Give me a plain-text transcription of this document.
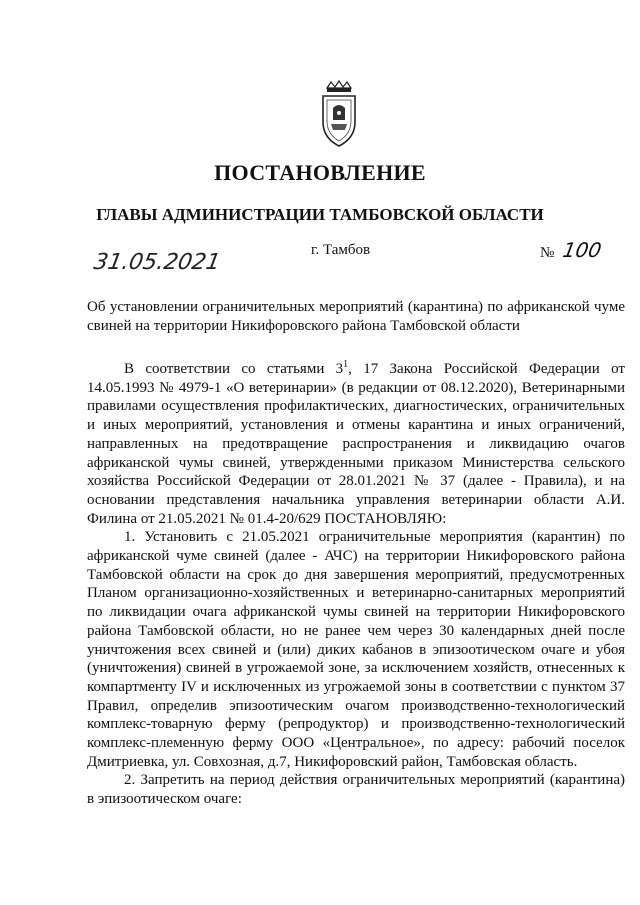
ПОСТАНОВЛЕНИЕ
ГЛАВЫ АДМИНИСТРАЦИИ ТАМБОВСКОЙ ОБЛАСТИ
31.05.2021	г. Тамбов	№ 100
Об установлении ограничительных мероприятий (карантина) по африканской чуме свиней на территории Никифоровского района Тамбовской области

В соответствии со статьями $3^1$, 17 Закона Российской Федерации от 14.05.1993 № 4979-1 «О ветеринарии» (в редакции от 08.12.2020), Ветеринарными правилами осуществления профилактических, диагностических, ограничительных и иных мероприятий, установления и отмены карантина и иных ограничений, направленных на предотвращение распространения и ликвидацию очагов африканской чумы свиней, утвержденными приказом Министерства сельского хозяйства Российской Федерации от 28.01.2021 № 37 (далее - Правила), и на основании представления начальника управления ветеринарии области А.И. Филина от 21.05.2021 № 01.4-20/629 ПОСТАНОВЛЯЮ:

1. Установить с 21.05.2021 ограничительные мероприятия (карантин) по африканской чуме свиней (далее - АЧС) на территории Никифоровского района Тамбовской области на срок до дня завершения мероприятий, предусмотренных Планом организационно-хозяйственных и ветеринарно-санитарных мероприятий по ликвидации очага африканской чумы свиней на территории Никифоровского района Тамбовской области, но не ранее чем через 30 календарных дней после уничтожения всех свиней и (или) диких кабанов в эпизоотическом очаге и убоя (уничтожения) свиней в угрожаемой зоне, за исключением хозяйств, отнесенных к компартменту IV и исключенных из угрожаемой зоны в соответствии с пунктом 37 Правил, определив эпизоотическим очагом производственно-технологический комплекс-товарную ферму (репродуктор) и производственно-технологический комплекс-племенную ферму ООО «Центральное», по адресу: рабочий поселок Дмитриевка, ул. Совхозная, д.7, Никифоровский район, Тамбовская область.

2. Запретить на период действия ограничительных мероприятий (карантина) в эпизоотическом очаге:
